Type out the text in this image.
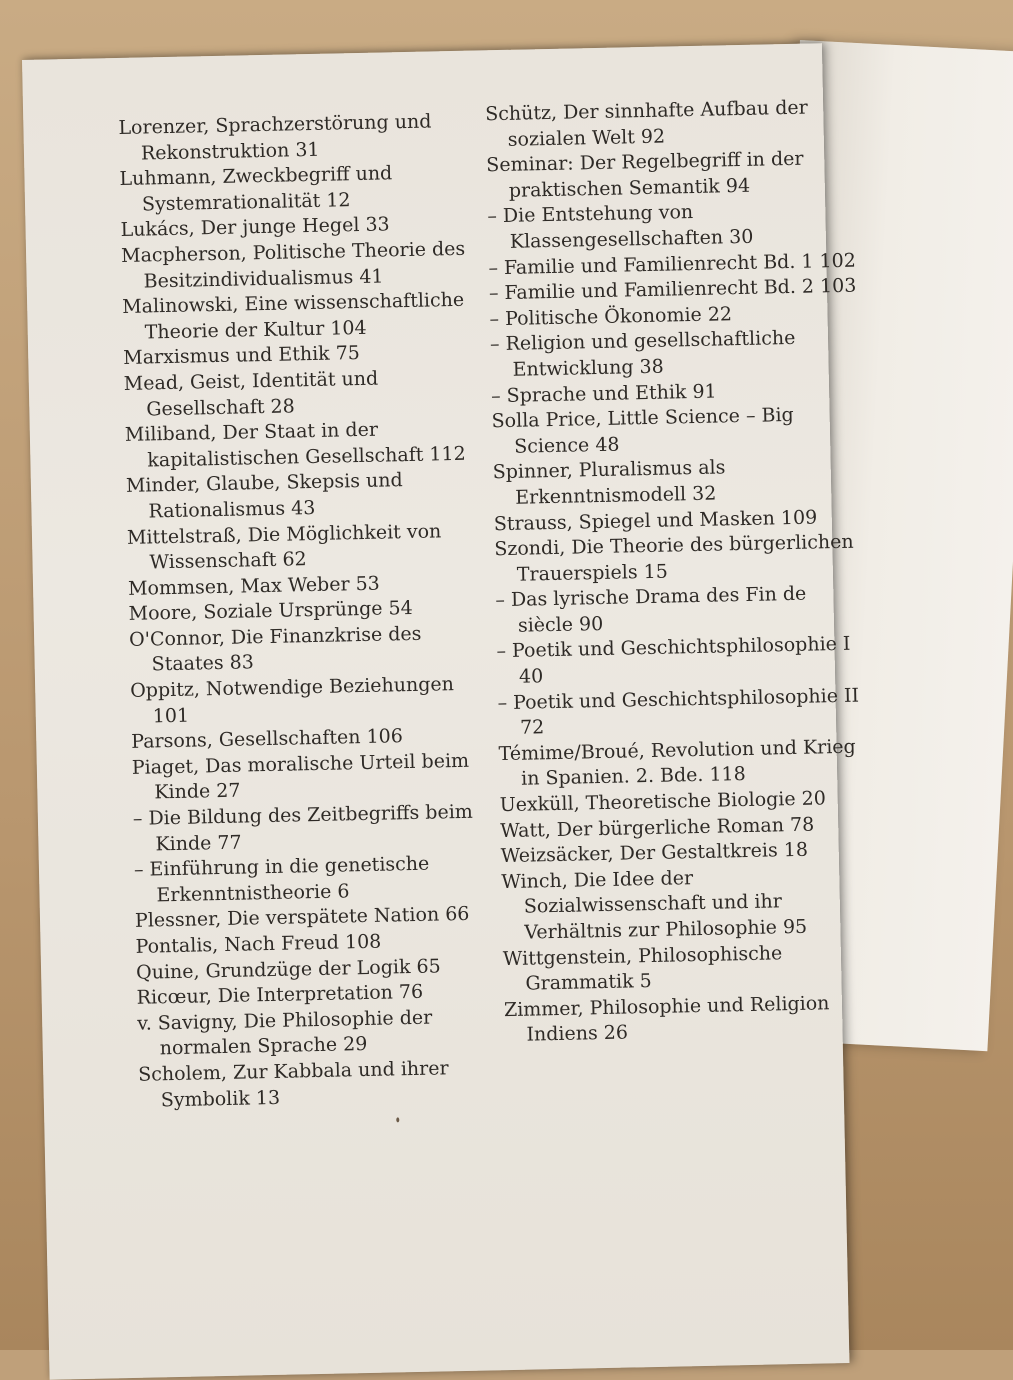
Lorenzer, Sprachzerstörung und Rekonstruktion 31

Luhmann, Zweckbegriff und Systemrationalität 12

Lukács, Der junge Hegel 33

Macpherson, Politische Theorie des Besitzindividualismus 41

Malinowski, Eine wissenschaftliche Theorie der Kultur 104

Marxismus und Ethik 75

Mead, Geist, Identität und Gesellschaft 28

Miliband, Der Staat in der kapitalistischen Gesellschaft 112

Minder, Glaube, Skepsis und Rationalismus 43

Mittelstraß, Die Möglichkeit von Wissenschaft 62

Mommsen, Max Weber 53

Moore, Soziale Ursprünge 54

O'Connor, Die Finanzkrise des Staates 83

Oppitz, Notwendige Beziehungen 101

Parsons, Gesellschaften 106

Piaget, Das moralische Urteil beim Kinde 27

– Die Bildung des Zeitbegriffs beim Kinde 77

– Einführung in die genetische Erkenntnistheorie 6

Plessner, Die verspätete Nation 66

Pontalis, Nach Freud 108

Quine, Grundzüge der Logik 65

Ricœur, Die Interpretation 76

v. Savigny, Die Philosophie der normalen Sprache 29

Scholem, Zur Kabbala und ihrer Symbolik 13

Schütz, Der sinnhafte Aufbau der sozialen Welt 92

Seminar: Der Regelbegriff in der praktischen Semantik 94

– Die Entstehung von Klassengesellschaften 30

– Familie und Familienrecht Bd. 1 102

– Familie und Familienrecht Bd. 2 103

– Politische Ökonomie 22

– Religion und gesellschaftliche Entwicklung 38

– Sprache und Ethik 91

Solla Price, Little Science – Big Science 48

Spinner, Pluralismus als Erkenntnismodell 32

Strauss, Spiegel und Masken 109

Szondi, Die Theorie des bürgerlichen Trauerspiels 15

– Das lyrische Drama des Fin de siècle 90

– Poetik und Geschichtsphilosophie I 40

– Poetik und Geschichtsphilosophie II 72

Témime/Broué, Revolution und Krieg in Spanien. 2. Bde. 118

Uexküll, Theoretische Biologie 20

Watt, Der bürgerliche Roman 78

Weizsäcker, Der Gestaltkreis 18

Winch, Die Idee der Sozialwissenschaft und ihr Verhältnis zur Philosophie 95

Wittgenstein, Philosophische Grammatik 5

Zimmer, Philosophie und Religion Indiens 26
